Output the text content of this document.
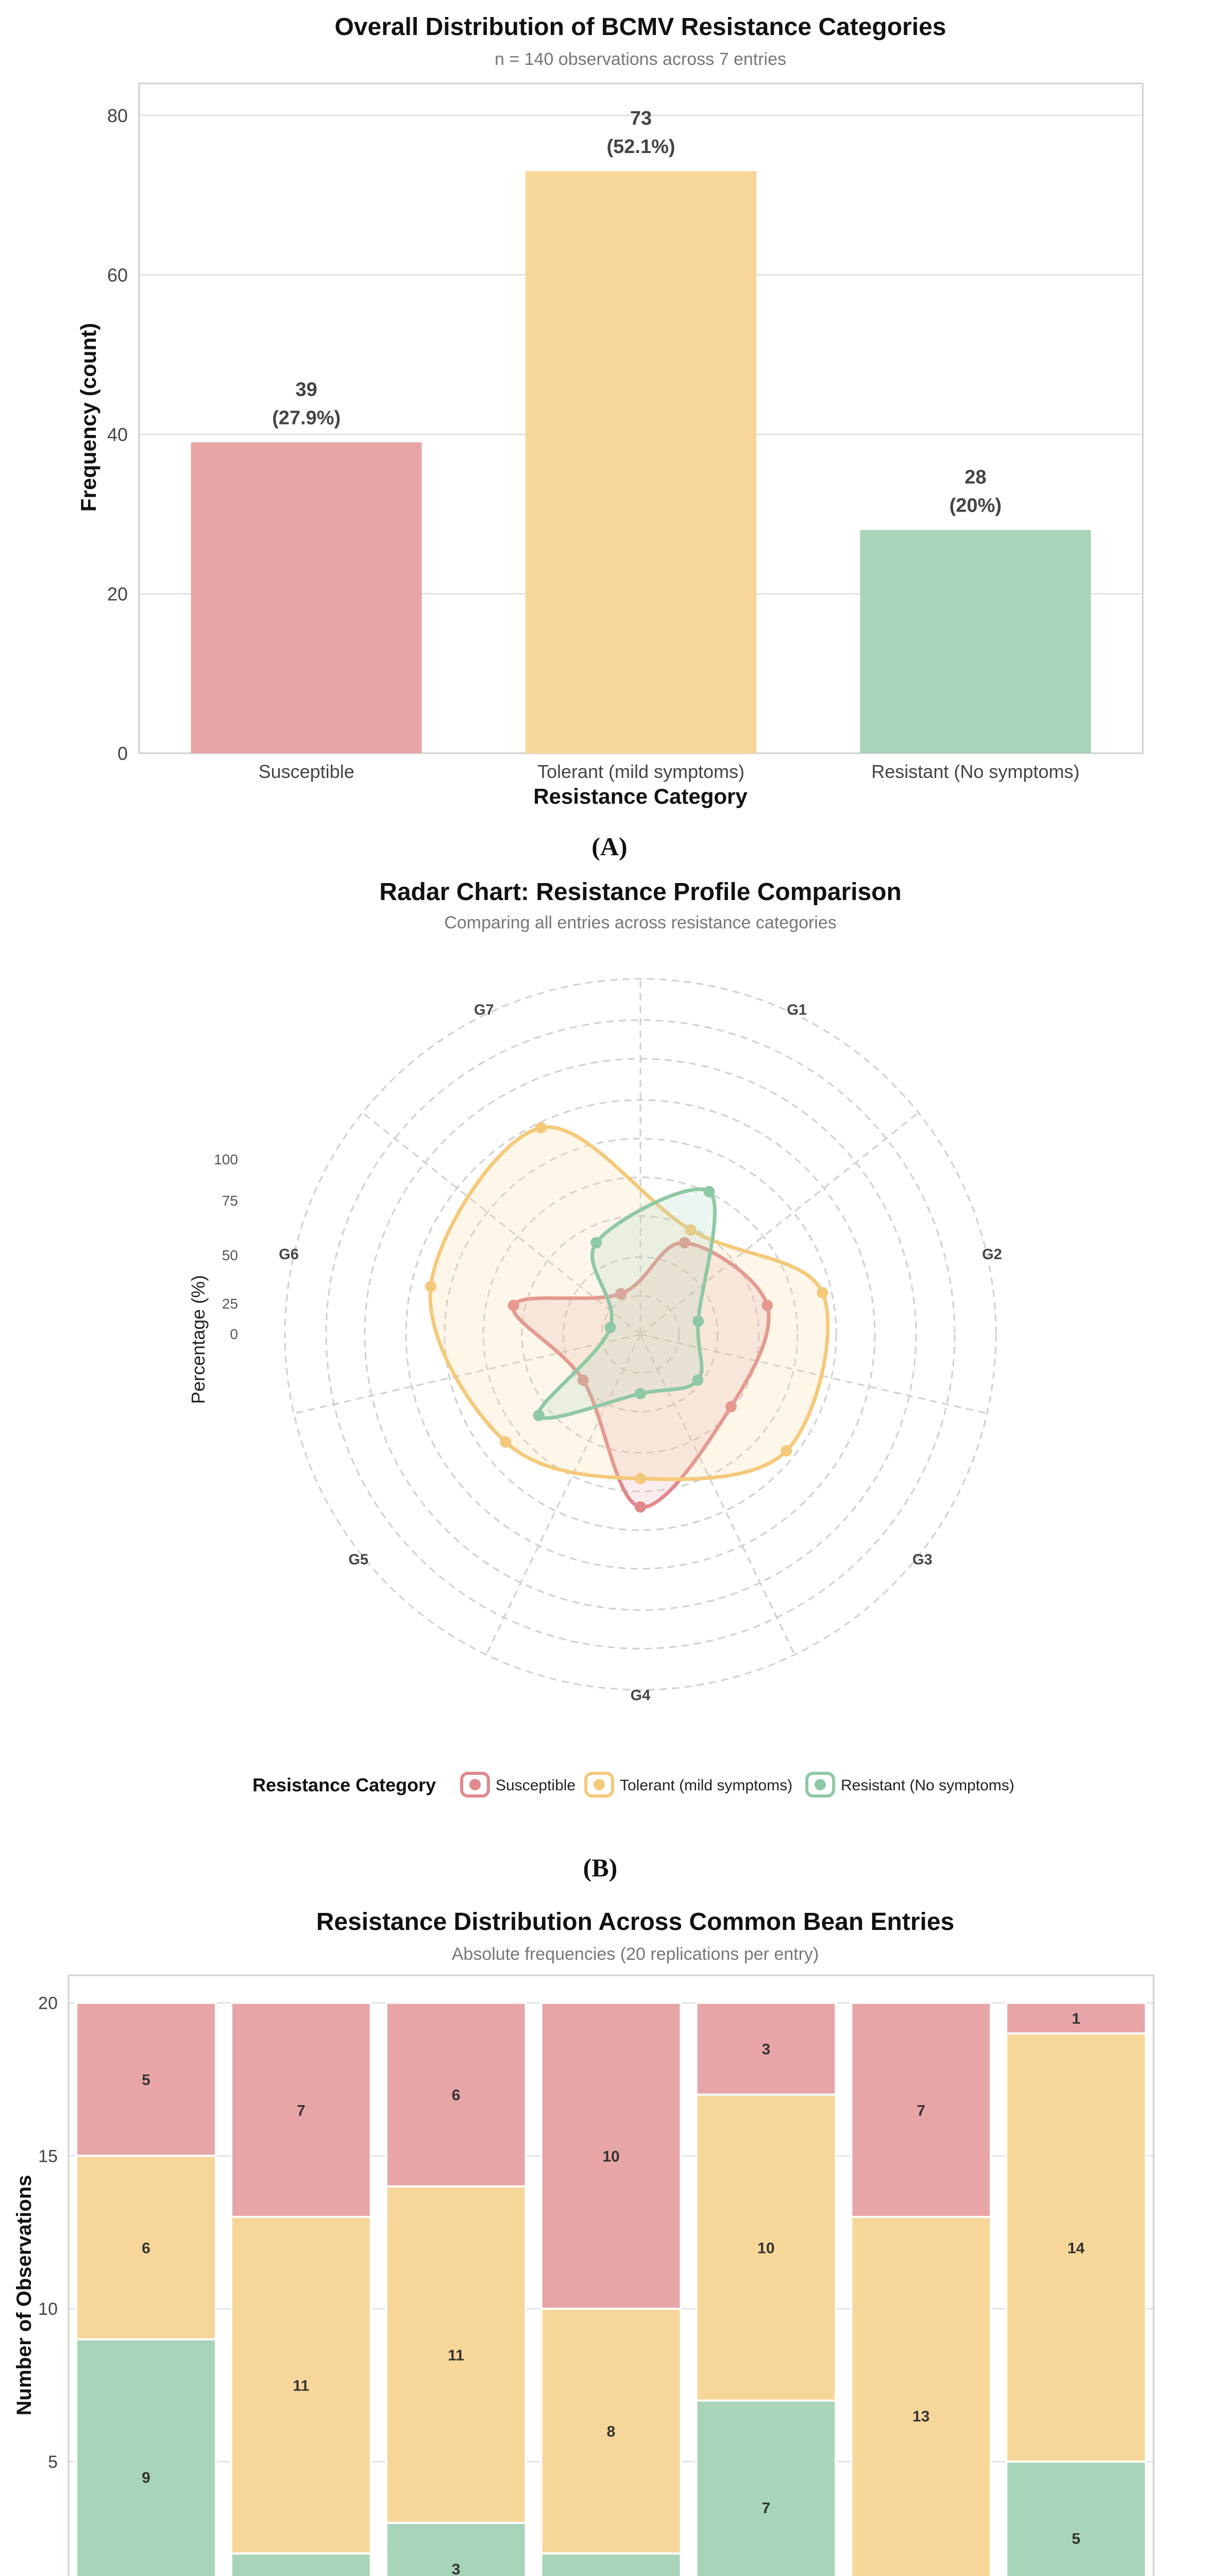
Overall Distribution of BCMV Resistance Categories
n = 140 observations across 7 entries
0
20
40
60
80
39
(27.9%)
73
(52.1%)
28
(20%)
Susceptible	Tolerant (mild symptoms)	Resistant (No symptoms)
Resistance Category
Frequency (count)
(A)
Radar Chart: Resistance Profile Comparison
Comparing all entries across resistance categories
0
25
50
75
100
G1
G2
G3
G4
G5
G6
G7
Percentage (%)
Resistance Category	Susceptible	Tolerant (mild symptoms)	Resistant (No symptoms)
(B)
Resistance Distribution Across Common Bean Entries
Absolute frequencies (20 replications per entry)
5
10
15
20
9
6
5
11
7
3
11
6
8
10
7
10
3
13
7
5
14
1
Number of Observations
